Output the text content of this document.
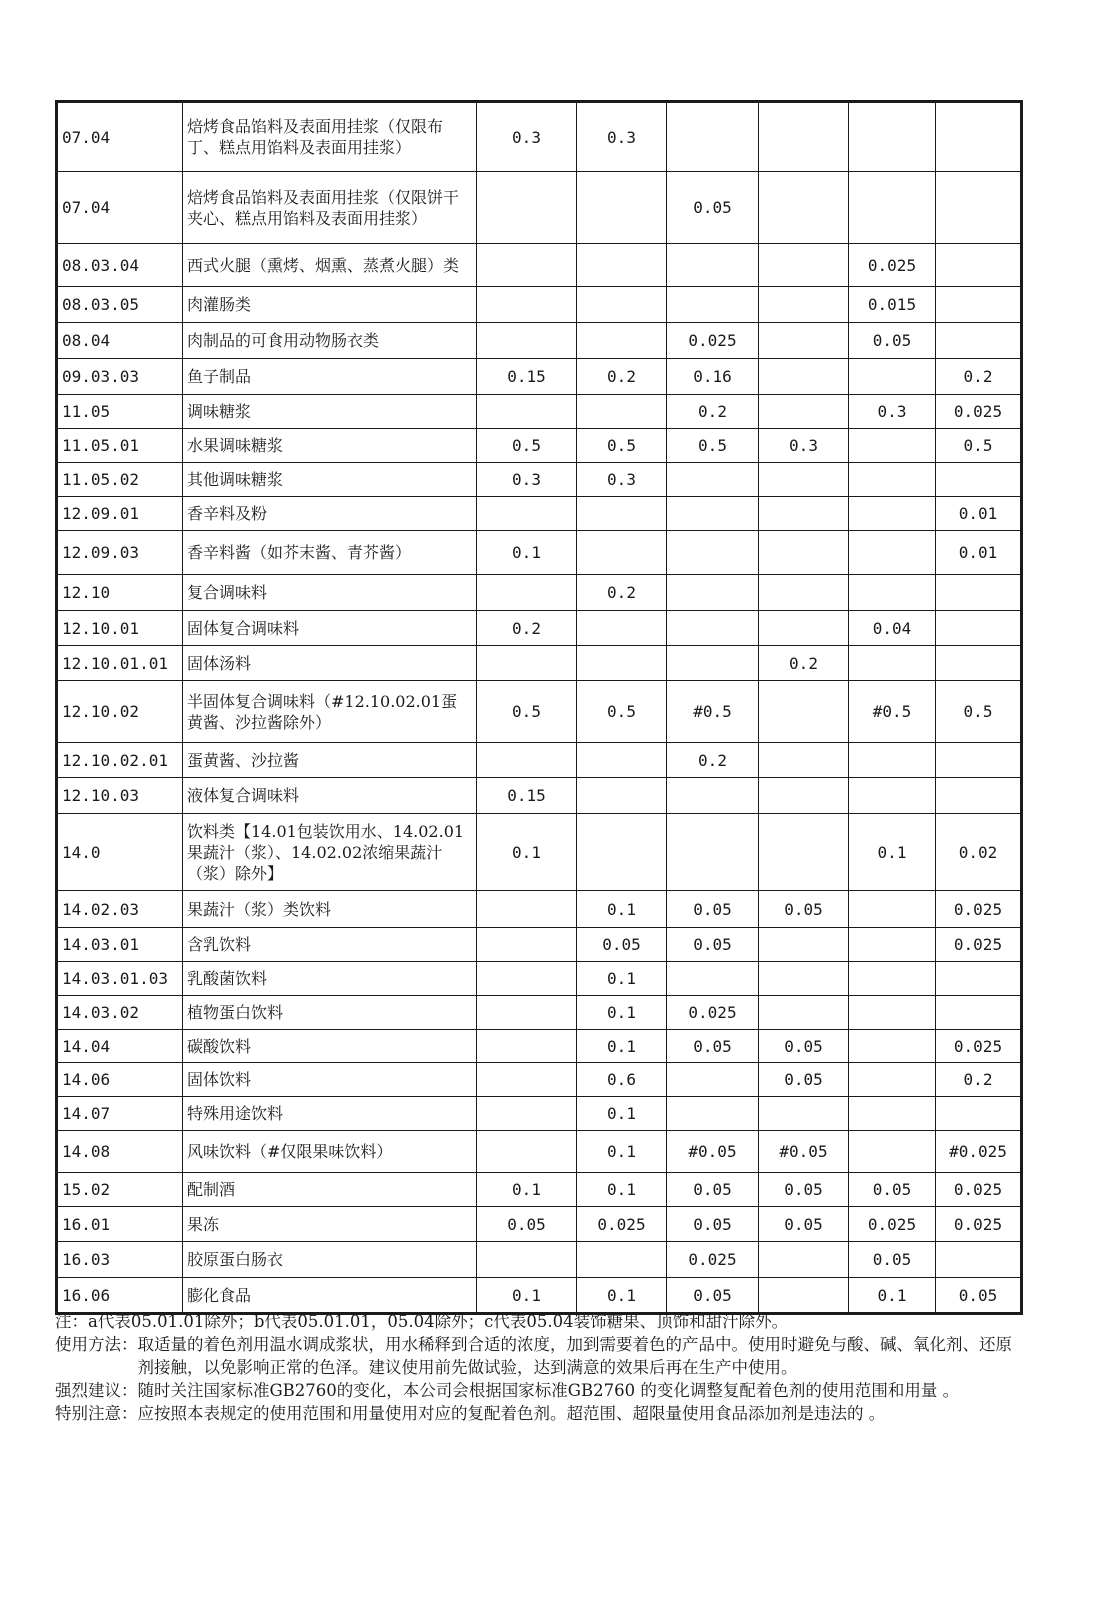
07.04	焙烤食品馅料及表面用挂浆（仅限布丁、糕点用馅料及表面用挂浆）	0.3	0.3				
07.04	焙烤食品馅料及表面用挂浆（仅限饼干夹心、糕点用馅料及表面用挂浆）			0.05			
08.03.04	西式火腿（熏烤、烟熏、蒸煮火腿）类					0.025	
08.03.05	肉灌肠类					0.015	
08.04	肉制品的可食用动物肠衣类			0.025		0.05	
09.03.03	鱼子制品	0.15	0.2	0.16			0.2
11.05	调味糖浆			0.2		0.3	0.025
11.05.01	水果调味糖浆	0.5	0.5	0.5	0.3		0.5
11.05.02	其他调味糖浆	0.3	0.3				
12.09.01	香辛料及粉						0.01
12.09.03	香辛料酱（如芥末酱、青芥酱）	0.1					0.01
12.10	复合调味料		0.2				
12.10.01	固体复合调味料	0.2				0.04	
12.10.01.01	固体汤料				0.2		
12.10.02	半固体复合调味料（#12.10.02.01蛋黄酱、沙拉酱除外）	0.5	0.5	#0.5		#0.5	0.5
12.10.02.01	蛋黄酱、沙拉酱			0.2			
12.10.03	液体复合调味料	0.15					
14.0	饮料类【14.01包装饮用水、14.02.01果蔬汁（浆）、14.02.02浓缩果蔬汁（浆）除外】	0.1				0.1	0.02
14.02.03	果蔬汁（浆）类饮料		0.1	0.05	0.05		0.025
14.03.01	含乳饮料		0.05	0.05			0.025
14.03.01.03	乳酸菌饮料		0.1				
14.03.02	植物蛋白饮料		0.1	0.025			
14.04	碳酸饮料		0.1	0.05	0.05		0.025
14.06	固体饮料		0.6		0.05		0.2
14.07	特殊用途饮料		0.1				
14.08	风味饮料（#仅限果味饮料）		0.1	#0.05	#0.05		#0.025
15.02	配制酒	0.1	0.1	0.05	0.05	0.05	0.025
16.01	果冻	0.05	0.025	0.05	0.05	0.025	0.025
16.03	胶原蛋白肠衣			0.025		0.05	
16.06	膨化食品	0.1	0.1	0.05		0.1	0.05
注：a代表05.01.01除外；b代表05.01.01，05.04除外；c代表05.04装饰糖果、顶饰和甜汁除外。
使用方法： 取适量的着色剂用温水调成浆状，用水稀释到合适的浓度，加到需要着色的产品中。使用时避免与酸、碱、氧化剂、还原剂接触，以免影响正常的色泽。建议使用前先做试验，达到满意的效果后再在生产中使用。
强烈建议： 随时关注国家标准GB2760的变化，本公司会根据国家标准GB2760 的变化调整复配着色剂的使用范围和用量 。
特别注意： 应按照本表规定的使用范围和用量使用对应的复配着色剂。超范围、超限量使用食品添加剂是违法的 。
